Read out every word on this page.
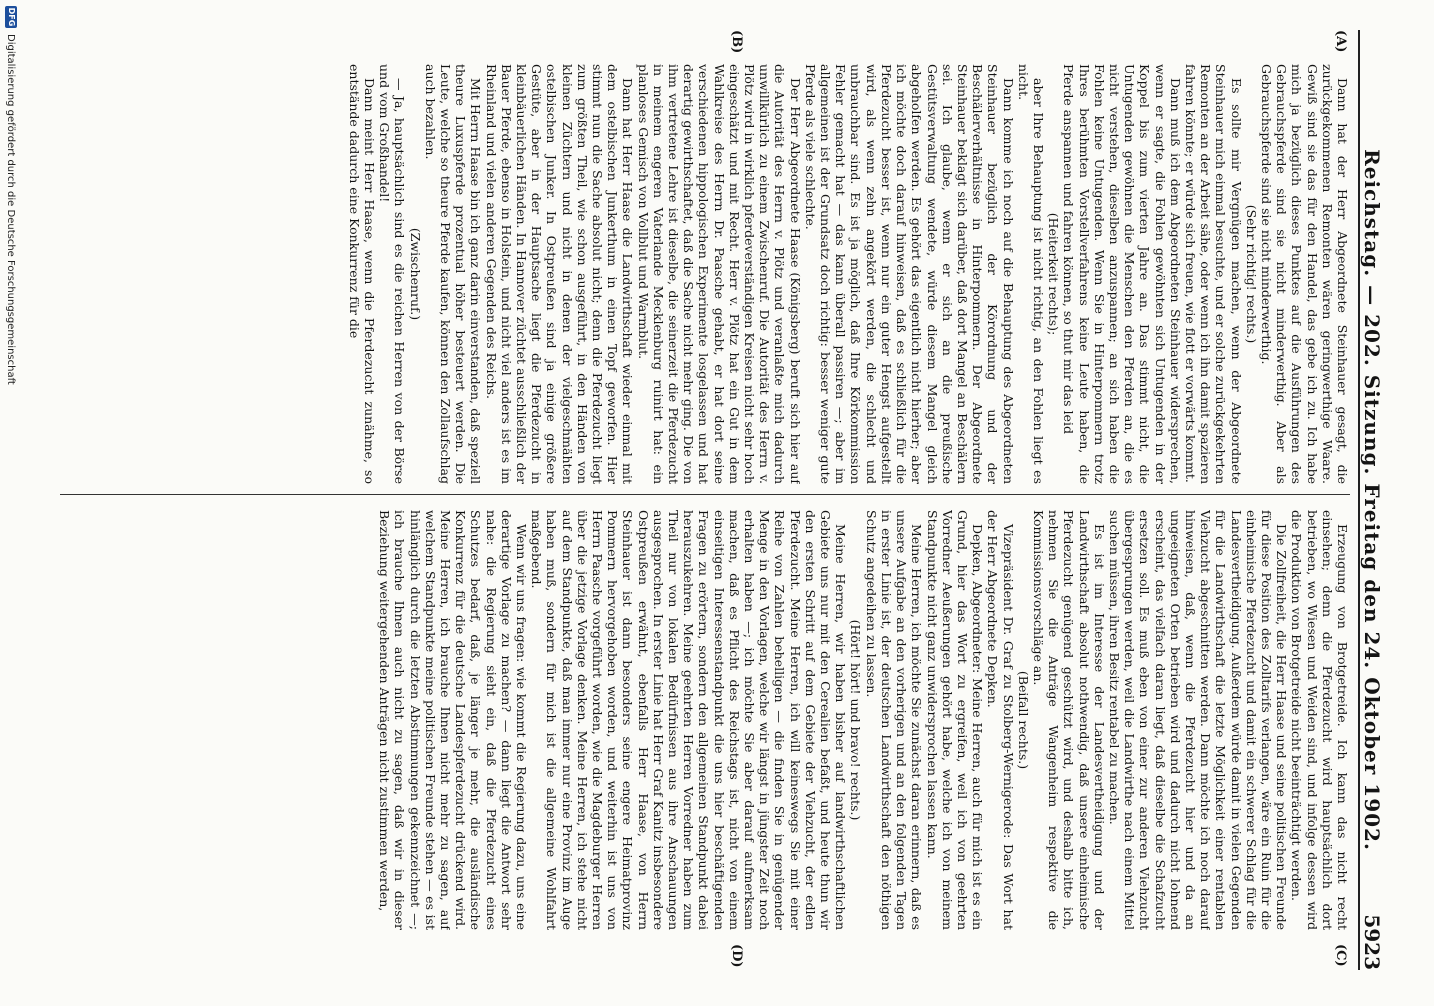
Reichstag. — 202. Sitzung. Freitag den 24. Oktober 1902.
5923
(A)
(B)
(C)
(D)

Dann hat der Herr Abgeordnete Steinhauer gesagt, die zurückgekommenen Remonten wären geringwerthige Waare. Gewiß sind sie das für den Handel, das gebe ich zu. Ich habe mich ja bezüglich dieses Punktes auf die Ausführungen des Gebrauchspferde sind sie nicht minderwerthig. Aber als Gebrauchspferde sind sie nicht minderwerthig.

(Sehr richtig! rechts.)

Es sollte mir Vergnügen machen, wenn der Abgeordnete Steinhauer mich einmal besuchte, und er solche zurückgekehrten Remonten an der Arbeit sähe, oder wenn ich ihn damit spazieren fahren könnte; er würde sich freuen, wie flott er vorwärts kommt.

Dann muß ich dem Abgeordneten Steinhauer widersprechen, wenn er sagte, die Fohlen gewöhnten sich Untugenden in der Koppel bis zum vierten Jahre an. Das stimmt nicht, die Untugenden gewöhnen die Menschen den Pferden an, die es nicht verstehen, dieselben anzuspannen; an sich haben die Fohlen keine Untugenden. Wenn Sie in Hinterpommern trotz Ihres berühmten Vorstellverfahrens keine Leute haben, die Pferde anspannen und fahren können, so thut mir das leid

(Heiterkeit rechts);

aber Ihre Behauptung ist nicht richtig, an den Fohlen liegt es nicht.

Dann komme ich noch auf die Behauptung des Abgeordneten Steinhauer bezüglich der Körordnung und der Beschälerverhältnisse in Hinterpommern. Der Abgeordnete Steinhauer beklagt sich darüber, daß dort Mangel an Beschälern sei. Ich glaube, wenn er sich an die preußische Gestütsverwaltung wendete, würde diesem Mangel gleich abgeholfen werden. Es gehört das eigentlich nicht hierher; aber ich möchte doch darauf hinweisen, daß es schließlich für die Pferdezucht besser ist, wenn nur ein guter Hengst aufgestellt wird, als wenn zehn angekört werden, die schlecht und unbrauchbar sind. Es ist ja möglich, daß Ihre Körkommission Fehler gemacht hat — das kann überall passiren —; aber im allgemeinen ist der Grundsatz doch richtig: besser weniger gute Pferde als viele schlechte.

Der Herr Abgeordnete Haase (Königsberg) beruft sich hier auf die Autorität des Herrn v. Plötz und veranlaßte mich dadurch unwillkürlich zu einem Zwischenruf. Die Autorität des Herrn v. Plötz wird in wirklich pferdeverständigen Kreisen nicht sehr hoch eingeschätzt und mit Recht. Herr v. Plötz hat ein Gut in dem Wahlkreise des Herrn Dr. Paasche gehabt, er hat dort seine verschiedenen hippologischen Experimente losgelassen und hat derartig gewirthschaftet, daß die Sache nicht mehr ging. Die von ihm vertretene Lehre ist dieselbe, die seinerzeit die Pferdezucht in meinem engeren Vaterlande Mecklenburg ruinirt hat: ein planloses Gemisch von Vollblut und Warmblut.

Dann hat Herr Haase die Landwirthschaft wieder einmal mit dem ostelbischen Junkerthum in einen Topf geworfen. Hier stimmt nun die Sache absolut nicht; denn die Pferdezucht liegt zum größten Theil, wie schon ausgeführt, in den Händen von kleinen Züchtern und nicht in denen der vielgeschmähten ostelbischen Junker. In Ostpreußen sind ja einige größere Gestüte, aber in der Hauptsache liegt die Pferdezucht in kleinbäuerlichen Händen. In Hannover züchtet ausschließlich der Bauer Pferde, ebenso in Holstein, und nicht viel anders ist es im Rheinland und vielen anderen Gegenden des Reichs.

Mit Herrn Haase bin ich ganz darin einverstanden, daß speziell theure Luxuspferde prozentual höher besteuert werden. Die Leute, welche so theure Pferde kaufen, können den Zollaufschlag auch bezahlen.

(Zwischenruf.)

— Ja, hauptsächlich sind es die reichen Herren von der Börse und vom Großhandel!

Dann meint Herr Haase, wenn die Pferdezucht zunähme, so entstände dadurch eine Konkurrenz für die

Erzeugung von Brotgetreide. Ich kann das nicht recht einsehen; denn die Pferdezucht wird hauptsächlich dort betrieben, wo Wiesen und Weiden sind, und infolge dessen wird die Produktion von Brotgetreide nicht beeinträchtigt werden.

Die Zollfreiheit, die Herr Haase und seine politischen Freunde für diese Position des Zolltarifs verlangen, wäre ein Ruin für die einheimische Pferdezucht und damit ein schwerer Schlag für die Landesvertheidigung. Außerdem würde damit in vielen Gegenden für die Landwirthschaft die letzte Möglichkeit einer rentablen Viehzucht abgeschnitten werden. Dann möchte ich noch darauf hinweisen, daß, wenn die Pferdezucht hier und da an ungeeigneten Orten betrieben wird und dadurch nicht lohnend erscheint, das vielfach daran liegt, daß dieselbe die Schafzucht ersetzen soll. Es muß eben von einer zur anderen Viehzucht übergesprungen werden, weil die Landwirthe nach einem Mittel suchen müssen, ihren Besitz rentabel zu machen.

Es ist im Interesse der Landesvertheidigung und der Landwirthschaft absolut nothwendig, daß unsere einheimische Pferdezucht genügend geschützt wird, und deshalb bitte ich, nehmen Sie die Anträge Wangenheim respektive die Kommissionsvorschläge an.

(Beifall rechts.)

Vizepräsident Dr. Graf zu Stolberg-Wernigerode: Das Wort hat der Herr Abgeordnete Depken.

Depken, Abgeordneter: Meine Herren, auch für mich ist es ein Grund, hier das Wort zu ergreifen, weil ich von geehrten Vorredner Aeußerungen gehört habe, welche ich von meinem Standpunkte nicht ganz unwidersprochen lassen kann.

Meine Herren, ich möchte Sie zunächst daran erinnern, daß es unsere Aufgabe an den vorherigen und an den folgenden Tagen in erster Linie ist, der deutschen Landwirthschaft den nöthigen Schutz angedeihen zu lassen.

(Hört! hört! und bravo! rechts.)

Meine Herren, wir haben bisher auf landwirthschaftlichen Gebiete uns nur mit den Cerealien befaßt, und heute thun wir den ersten Schritt auf dem Gebiete der Viehzucht, der edlen Pferdezucht. Meine Herren, ich will keineswegs Sie mit einer Reihe von Zahlen behelligen — die finden Sie in genügender Menge in den Vorlagen, welche wir längst in jüngster Zeit noch erhalten haben —; ich möchte Sie aber darauf aufmerksam machen, daß es Pflicht des Reichstags ist, nicht von einem einseitigen Interessenstandpunkt die uns hier beschäftigenden Fragen zu erörtern, sondern den allgemeinen Standpunkt dabei herauszukehren. Meine geehrten Herren Vorredner haben zum Theil nur von lokalen Bedürfnissen aus ihre Anschauungen ausgesprochen. In erster Linie hat Herr Graf Kanitz insbesondere Ostpreußen erwähnt, ebenfalls Herr Haase, von Herrn Steinhauer ist dann besonders seine engere Heimatprovinz Pommern hervorgehoben worden, und weiterhin ist uns von Herrn Paasche vorgeführt worden, wie die Magdeburger Herren über die jetzige Vorlage denken. Meine Herren, ich stehe nicht auf dem Standpunkte, daß man immer nur eine Provinz im Auge haben muß, sondern für mich ist die allgemeine Wohlfahrt maßgebend.

Wenn wir uns fragen: wie kommt die Regierung dazu, uns eine derartige Vorlage zu machen? — dann liegt die Antwort sehr nahe: die Regierung sieht ein, daß die Pferdezucht eines Schutzes bedarf, daß, je länger je mehr, die ausländische Konkurrenz für die deutsche Landespferdezucht drückend wird. Meine Herren, ich brauche Ihnen nicht mehr zu sagen, auf welchem Standpunkte meine politischen Freunde stehen — es ist hinlänglich durch die letzten Abstimmungen gekennzeichnet —; ich brauche Ihnen auch nicht zu sagen, daß wir in dieser Beziehung weitergehenden Anträgen nicht zustimmen werden,

DFG
Digitalisierung gefördert durch die Deutsche Forschungsgemeinschaft
